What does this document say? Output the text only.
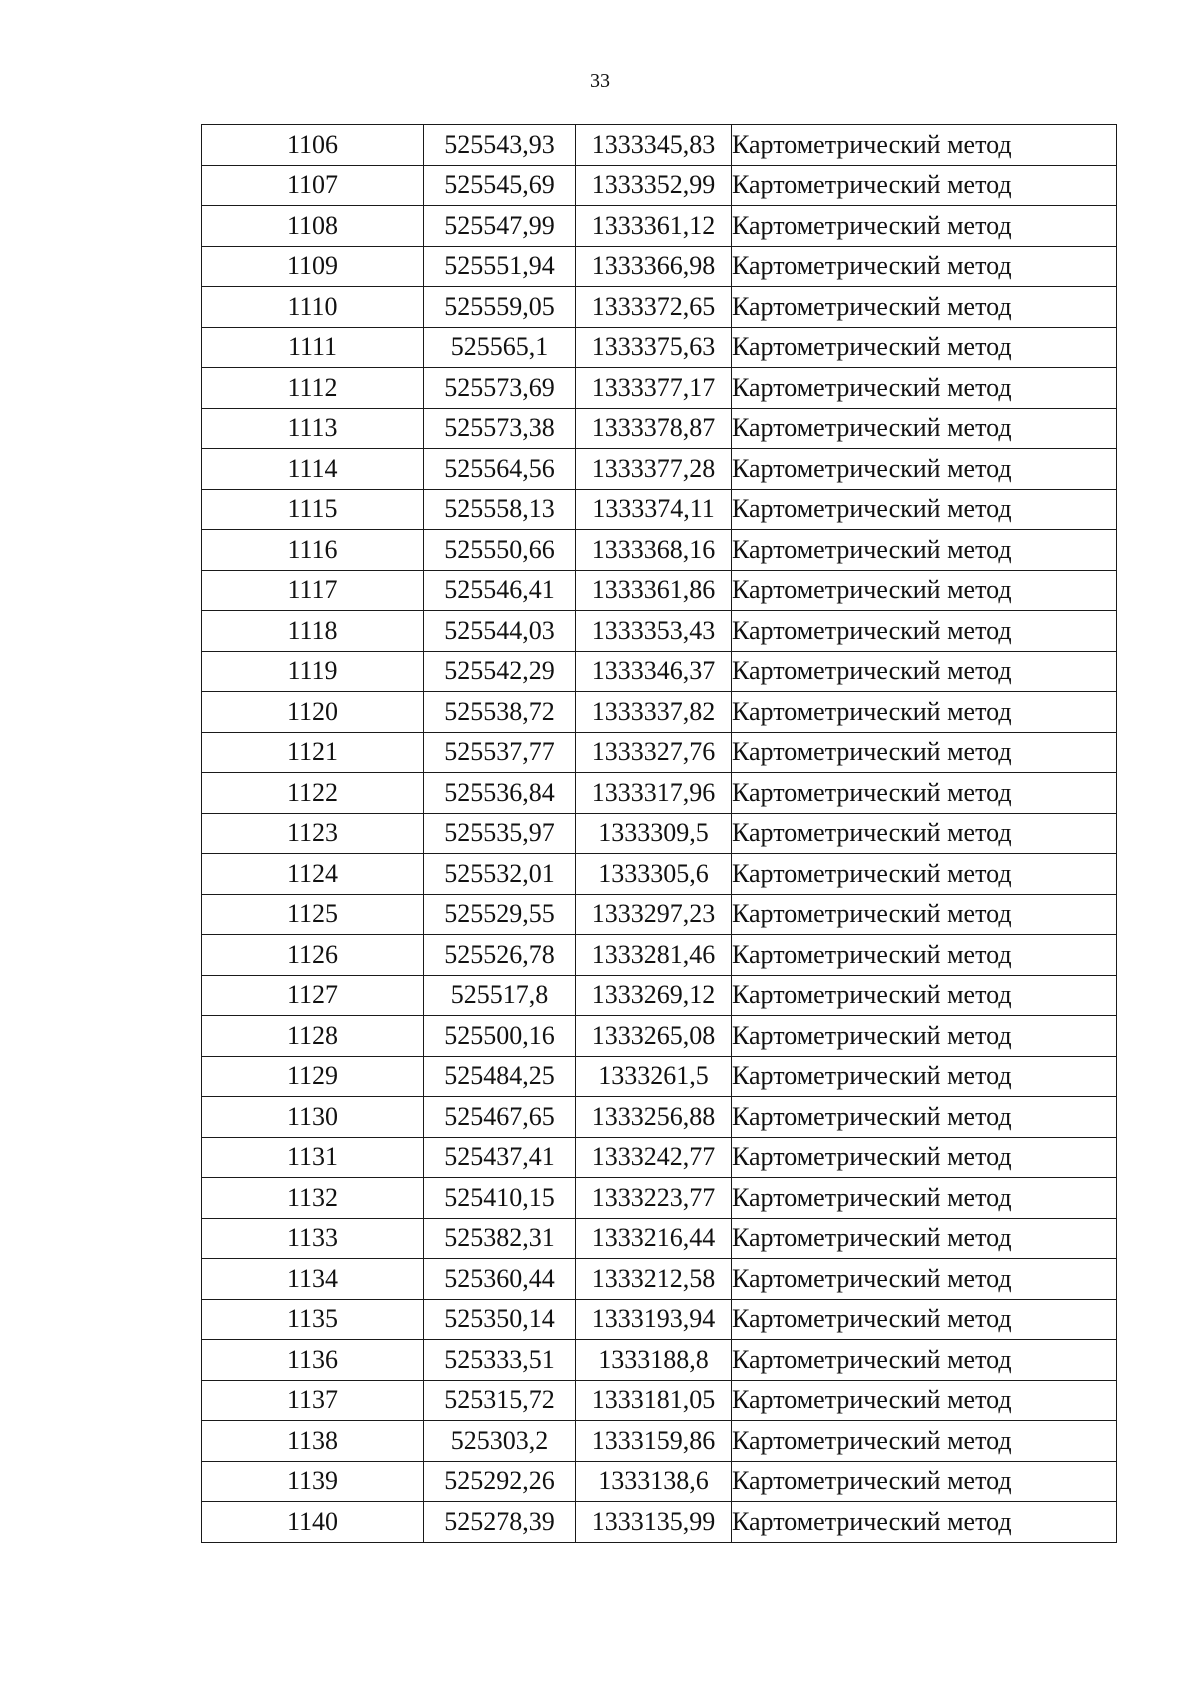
33
1106	525543,93	1333345,83	Картометрический метод
1107	525545,69	1333352,99	Картометрический метод
1108	525547,99	1333361,12	Картометрический метод
1109	525551,94	1333366,98	Картометрический метод
1110	525559,05	1333372,65	Картометрический метод
1111	525565,1	1333375,63	Картометрический метод
1112	525573,69	1333377,17	Картометрический метод
1113	525573,38	1333378,87	Картометрический метод
1114	525564,56	1333377,28	Картометрический метод
1115	525558,13	1333374,11	Картометрический метод
1116	525550,66	1333368,16	Картометрический метод
1117	525546,41	1333361,86	Картометрический метод
1118	525544,03	1333353,43	Картометрический метод
1119	525542,29	1333346,37	Картометрический метод
1120	525538,72	1333337,82	Картометрический метод
1121	525537,77	1333327,76	Картометрический метод
1122	525536,84	1333317,96	Картометрический метод
1123	525535,97	1333309,5	Картометрический метод
1124	525532,01	1333305,6	Картометрический метод
1125	525529,55	1333297,23	Картометрический метод
1126	525526,78	1333281,46	Картометрический метод
1127	525517,8	1333269,12	Картометрический метод
1128	525500,16	1333265,08	Картометрический метод
1129	525484,25	1333261,5	Картометрический метод
1130	525467,65	1333256,88	Картометрический метод
1131	525437,41	1333242,77	Картометрический метод
1132	525410,15	1333223,77	Картометрический метод
1133	525382,31	1333216,44	Картометрический метод
1134	525360,44	1333212,58	Картометрический метод
1135	525350,14	1333193,94	Картометрический метод
1136	525333,51	1333188,8	Картометрический метод
1137	525315,72	1333181,05	Картометрический метод
1138	525303,2	1333159,86	Картометрический метод
1139	525292,26	1333138,6	Картометрический метод
1140	525278,39	1333135,99	Картометрический метод
